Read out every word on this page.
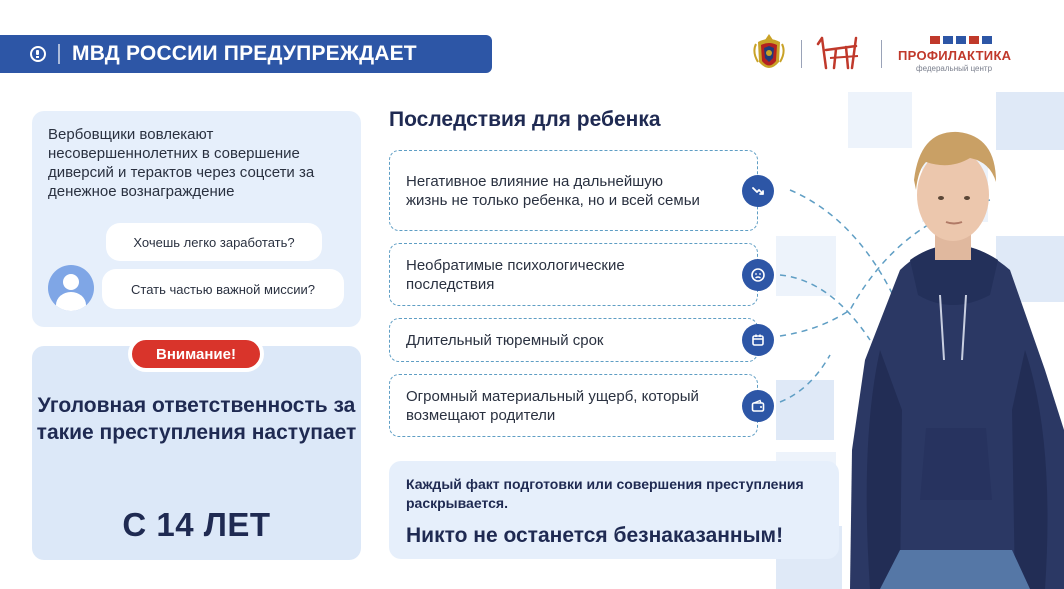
МВД РОССИИ ПРЕДУПРЕЖДАЕТ	ПРОФИЛАКТИКА
федеральный центр
Вербовщики вовлекают несовершеннолетних в совершение диверсий и терактов через соцсети за денежное вознаграждение
Хочешь легко заработать?
Стать частью важной миссии?
Внимание!
Уголовная ответственность за такие преступления наступает
С 14 ЛЕТ
Последствия для ребенка
Негативное влияние на дальнейшую жизнь не только ребенка, но и всей семьи
Необратимые психологические последствия
Длительный тюремный срок
Огромный материальный ущерб, который возмещают родители
Каждый факт подготовки или совершения преступления раскрывается.
Никто не останется безнаказанным!
